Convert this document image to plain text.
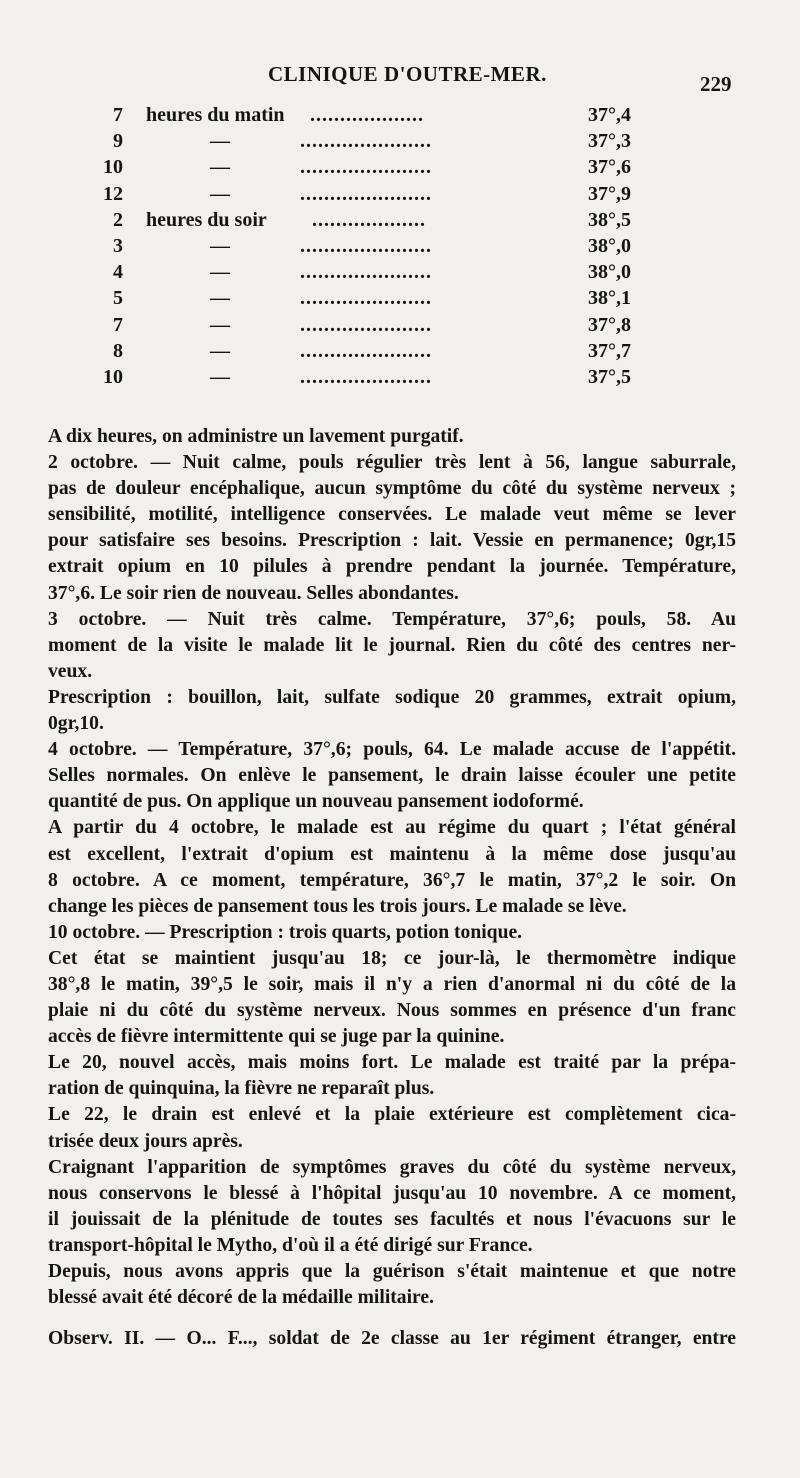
CLINIQUE D'OUTRE-MER.	229
7 heures du matin ...................	37°,4
9	—	......................	37°,3
10	—	......................	37°,6
12	—	......................	37°,9
2 heures du soir ...................	38°,5
3	—	......................	38°,0
4	—	......................	38°,0
5	—	......................	38°,1
7	—	......................	37°,8
8	—	......................	37°,7
10	—	......................	37°,5
A dix heures, on administre un lavement purgatif.
2 octobre. — Nuit calme, pouls régulier très lent à 56, langue saburrale,
pas de douleur encéphalique, aucun symptôme du côté du système nerveux ;
sensibilité, motilité, intelligence conservées. Le malade veut même se lever
pour satisfaire ses besoins. Prescription : lait. Vessie en permanence; 0gr,15
extrait opium en 10 pilules à prendre pendant la journée. Température,
37°,6. Le soir rien de nouveau. Selles abondantes.
3 octobre. — Nuit très calme. Température, 37°,6; pouls, 58. Au
moment de la visite le malade lit le journal. Rien du côté des centres ner-
veux.
Prescription : bouillon, lait, sulfate sodique 20 grammes, extrait opium,
0gr,10.
4 octobre. — Température, 37°,6; pouls, 64. Le malade accuse de l'appétit.
Selles normales. On enlève le pansement, le drain laisse écouler une petite
quantité de pus. On applique un nouveau pansement iodoformé.
A partir du 4 octobre, le malade est au régime du quart ; l'état général
est excellent, l'extrait d'opium est maintenu à la même dose jusqu'au
8 octobre. A ce moment, température, 36°,7 le matin, 37°,2 le soir. On
change les pièces de pansement tous les trois jours. Le malade se lève.
10 octobre. — Prescription : trois quarts, potion tonique.
Cet état se maintient jusqu'au 18; ce jour-là, le thermomètre indique
38°,8 le matin, 39°,5 le soir, mais il n'y a rien d'anormal ni du côté de la
plaie ni du côté du système nerveux. Nous sommes en présence d'un franc
accès de fièvre intermittente qui se juge par la quinine.
Le 20, nouvel accès, mais moins fort. Le malade est traité par la prépa-
ration de quinquina, la fièvre ne reparaît plus.
Le 22, le drain est enlevé et la plaie extérieure est complètement cica-
trisée deux jours après.
Craignant l'apparition de symptômes graves du côté du système nerveux,
nous conservons le blessé à l'hôpital jusqu'au 10 novembre. A ce moment,
il jouissait de la plénitude de toutes ses facultés et nous l'évacuons sur le
transport-hôpital le Mytho, d'où il a été dirigé sur France.
Depuis, nous avons appris que la guérison s'était maintenue et que notre
blessé avait été décoré de la médaille militaire.
Observ. II. — O... F..., soldat de 2e classe au 1er régiment étranger, entre
